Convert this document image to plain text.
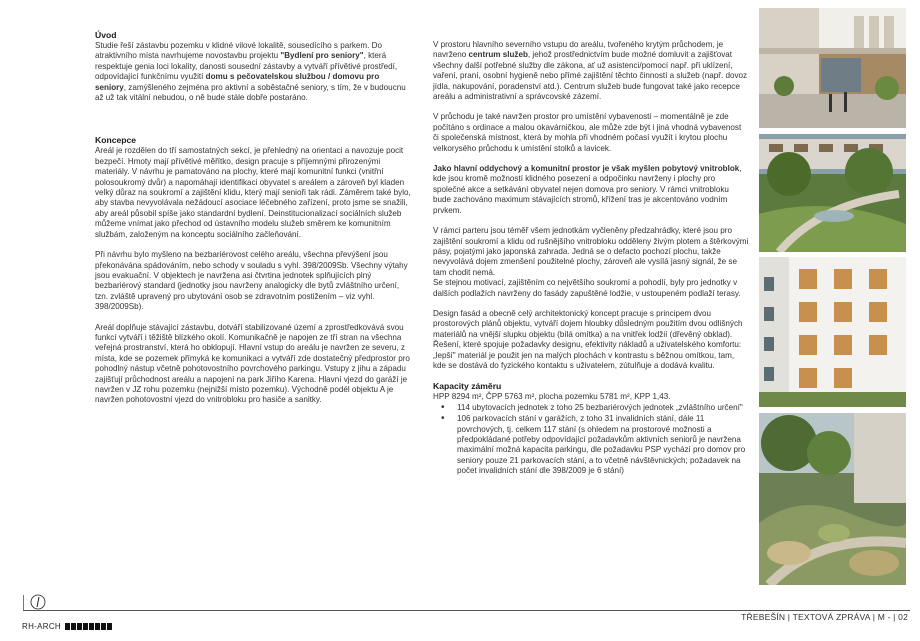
Úvod

Studie řeší zástavbu pozemku v klidné vilové lokalitě, sousedícího s parkem. Do atraktivního místa navrhujeme novostavbu projektu "Bydlení pro seniory", která respektuje genia loci lokality, danosti sousední zástavby a vytváří přívětivé prostředí, odpovídající funkčnímu využití domu s pečovatelskou službou / domovu pro seniory, zamýšleného zejména pro aktivní a soběstačné seniory, s tím, že v budoucnu až už tak vitální nebudou, o ně bude stále dobře postaráno.

Koncepce

Areál je rozdělen do tří samostatných sekcí, je přehledný na orientaci a navozuje pocit bezpečí. Hmoty mají přívětivé měřítko, design pracuje s příjemnými přirozenými materiály. V návrhu je pamatováno na plochy, které mají komunitní funkci (vnitřní polosoukromý dvůr) a napomáhají identifikaci obyvatel s areálem a zároveň byl kladen velký důraz na soukromí a zajištění klidu, který mají senioři tak rádi. Záměrem také bylo, aby stavba nevyvolávala nežádoucí asociace léčebného zařízení, proto jsme se snažili, aby areál působil spíše jako standardní bydlení. Deinstitucionalizací sociálních služeb můžeme vnímat jako přechod od ústavního modelu služeb směrem ke komunitním službám, založeným na konceptu sociálního začleňování.

Při návrhu bylo myšleno na bezbariérovost celého areálu, všechna převýšení jsou překonávána spádováním, nebo schody v souladu s vyhl. 398/2009Sb. Všechny výtahy jsou evakuační. V objektech je navržena asi čtvrtina jednotek splňujících plný bezbariérový standard (jednotky jsou navrženy analogicky dle bytů zvláštního určení, tzn. zvláště upravený pro ubytování osob se zdravotním postižením – viz vyhl. 398/2009Sb).

Areál doplňuje stávající zástavbu, dotváří stabilizované území a zprostředkovává svou funkcí vytváří i těžiště blízkého okolí. Komunikačně je napojen ze tří stran na všechna veřejná prostranství, která ho obklopují. Hlavní vstup do areálu je navržen ze severu, z místa, kde se pozemek přímyká ke komunikaci a vytváří zde dostatečný předprostor pro pohodlný nástup včetně pohotovostního povrchového parkingu. Vstupy z jihu a západu zajišťují průchodnost areálu a napojení na park Jiřího Karena. Hlavní vjezd do garáží je navržen v JZ rohu pozemku (nejnižší místo pozemku). Východně podél objektu A je navržen pohotovostní vjezd do vnitrobloku pro hasiče a sanitky.

V prostoru hlavního severního vstupu do areálu, tvořeného krytým průchodem, je navrženo centrum služeb, jehož prostřednictvím bude možné domluvit a zajišťovat všechny další potřebné služby dle zákona, ať už asistenci/pomocí např. při uklízení, vaření, praní, osobní hygieně nebo přímé zajištění těchto činností a služeb (např. dovoz jídla, nakupování, poradenství atd.). Centrum služeb bude fungovat také jako recepce areálu a administrativní a správcovské zázemí.

V průchodu je také navržen prostor pro umístění vybavenosti – momentálně je zde počítáno s ordinace a malou okavárničkou, ale může zde být i jiná vhodná vybavenost či společenská místnost, která by mohla při vhodném počasí využít i krytou plochu velkorysého průchodu k umístění stolků a lavicek.

Jako hlavní oddychový a komunitní prostor je však myšlen pobytový vnitroblok, kde jsou kromě možností klidného posezení a odpočinku navrženy i plochy pro společné akce a setkávání obyvatel nejen domova pro seniory. V rámci vnitrobloku bude zachováno maximum stávajících stromů, křížení tras je akcentováno vodním prvkem.

V rámci parteru jsou téměř všem jednotkám vyčleněny předzahrádky, které jsou pro zajištění soukromí a klidu od rušnějšího vnitrobloku odděleny živým plotem a štěrkovými pásy, pojatými jako japonská zahrada. Jedná se o defacto pochozí plochu, takže nevyvolává dojem zmenšení použitelné plochy, zároveň ale vysílá jasný signál, že se tam chodit nemá.

Se stejnou motivací, zajištěním co největšího soukromí a pohodlí, byly pro jednotky v dalších podlažích navrženy do fasády zapuštěné lodžie, v ustoupeném podlaží terasy.

Design fasád a obecně celý architektonický koncept pracuje s principem dvou prostorových plánů objektu, vytváří dojem hloubky důsledným použitím dvou odlišných materiálů na vnější slupku objektu (bílá omítka) a na vnitřek lodžií (dřevěný obklad). Řešení, které spojuje požadavky designu, efektivity nákladů a uživatelského komfortu: „lepší" materiál je použit jen na malých plochách v kontrastu s běžnou omítkou, tam, kde se dostává do fyzického kontaktu s uživatelem, zútulňuje a dodává kvalitu.

Kapacity záměru
HPP 8294 m², ČPP 5763 m², plocha pozemku 5781 m², KPP 1,43.
• 114 ubytovacích jednotek z toho 25 bezbariérových jednotek „zvláštního určení"
• 106 parkovacích stání v garážích, z toho 31 invalidních stání, dále 11 povrchových, tj. celkem 117 stání (s ohledem na prostorové možnosti a předpokládané potřeby odpovídající požadavkům aktivních seniorů je navržena maximální možná kapacita parkingu, dle požadavku PSP vychází pro domov pro seniory pouze 21 parkovacích stání, a to včetně návštěvnických; požadavek na počet invalidních stání dle 398/2009 je 6 stání)
RH-ARCH
TŘEBEŠÍN | TEXTOVÁ ZPRÁVA | M - | 02
